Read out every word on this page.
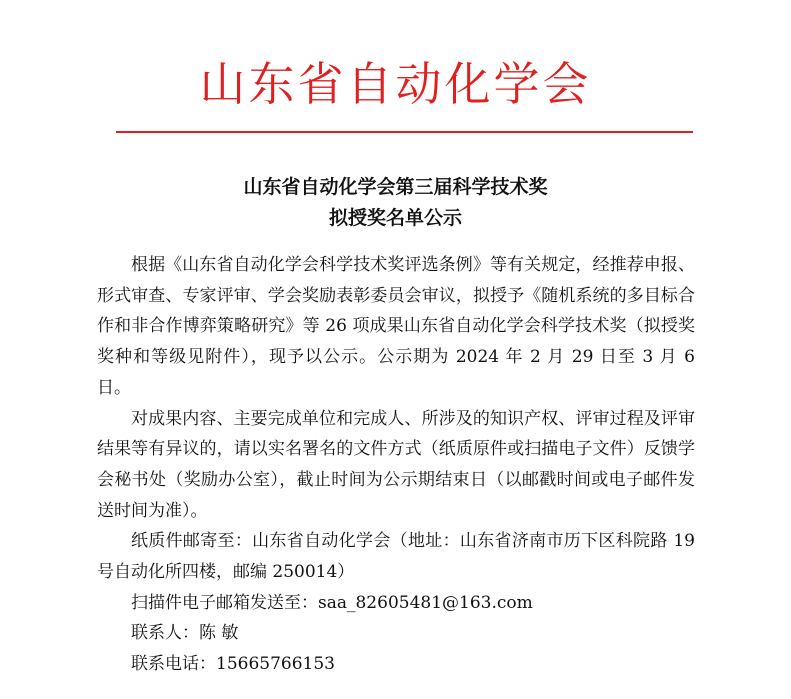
山东省自动化学会
山东省自动化学会第三届科学技术奖
拟授奖名单公示

根据《山东省自动化学会科学技术奖评选条例》等有关规定，经推荐申报、形式审查、专家评审、学会奖励表彰委员会审议，拟授予《随机系统的多目标合作和非合作博弈策略研究》等 26 项成果山东省自动化学会科学技术奖（拟授奖奖种和等级见附件），现予以公示。公示期为 2024 年 2 月 29 日至 3 月 6 日。

对成果内容、主要完成单位和完成人、所涉及的知识产权、评审过程及评审结果等有异议的，请以实名署名的文件方式（纸质原件或扫描电子文件）反馈学会秘书处（奖励办公室），截止时间为公示期结束日（以邮戳时间或电子邮件发送时间为准）。

纸质件邮寄至：山东省自动化学会（地址：山东省济南市历下区科院路 19 号自动化所四楼，邮编 250014）

扫描件电子邮箱发送至：saa_82605481@163.com

联系人：陈 敏

联系电话：15665766153
